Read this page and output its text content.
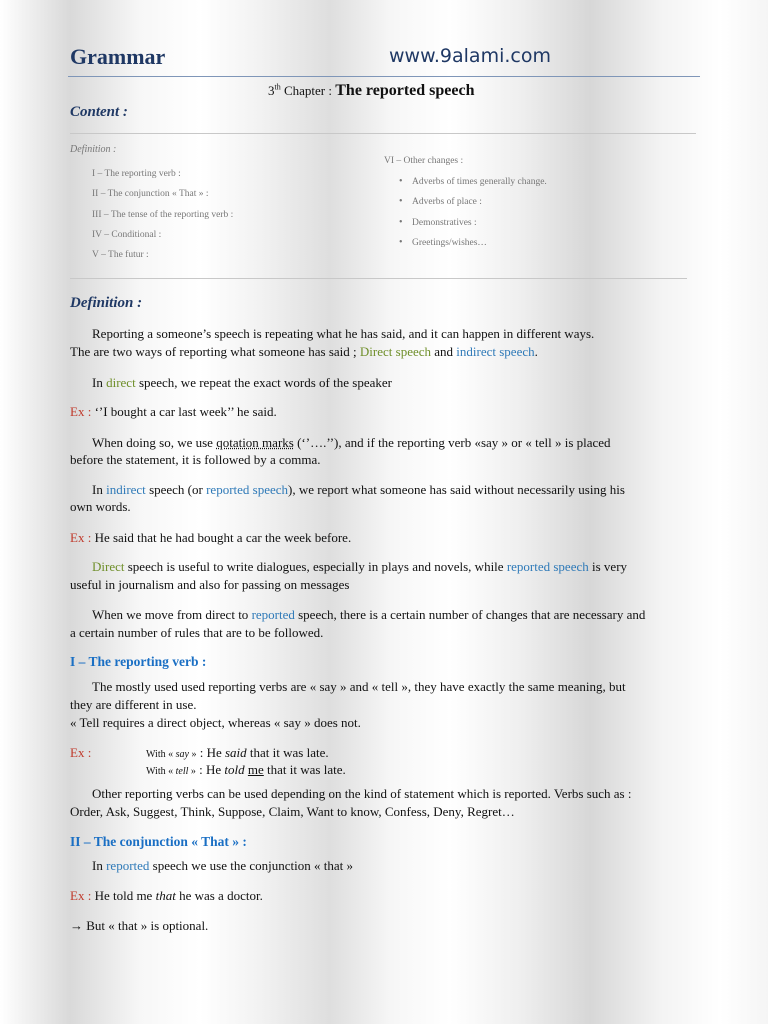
Grammar	www.9alami.com
3th Chapter : The reported speech
Content :
Definition :
I – The reporting verb :
II – The conjunction « That » :
III – The tense of the reporting verb :
IV – Conditional :
V – The futur :
VI – Other changes :
• Adverbs of times generally change.
• Adverbs of place :
• Demonstratives :
• Greetings/wishes…
Definition :
Reporting a someone’s speech is repeating what he has said, and it can happen in different ways.
The are two ways of reporting what someone has said ; Direct speech and indirect speech.
In direct speech, we repeat the exact words of the speaker
Ex : ‘’I bought a car last week’’ he said.
When doing so, we use qotation marks (‘’….’’), and if the reporting verb «say » or « tell » is placed
before the statement, it is followed by a comma.
In indirect speech (or reported speech), we report what someone has said without necessarily using his
own words.
Ex : He said that he had bought a car the week before.
Direct speech is useful to write dialogues, especially in plays and novels, while reported speech is very
useful in journalism and also for passing on messages
When we move from direct to reported speech, there is a certain number of changes that are necessary and
a certain number of rules that are to be followed.
I – The reporting verb :
The mostly used used reporting verbs are « say » and « tell », they have exactly the same meaning, but
they are different in use.
« Tell requires a direct object, whereas « say » does not.
Ex :	With « say » : He said that it was late.
With « tell » : He told me that it was late.
Other reporting verbs can be used depending on the kind of statement which is reported. Verbs such as :
Order, Ask, Suggest, Think, Suppose, Claim, Want to know, Confess, Deny, Regret…
II – The conjunction « That » :
In reported speech we use the conjunction « that »
Ex : He told me that he was a doctor.
→ But « that » is optional.
